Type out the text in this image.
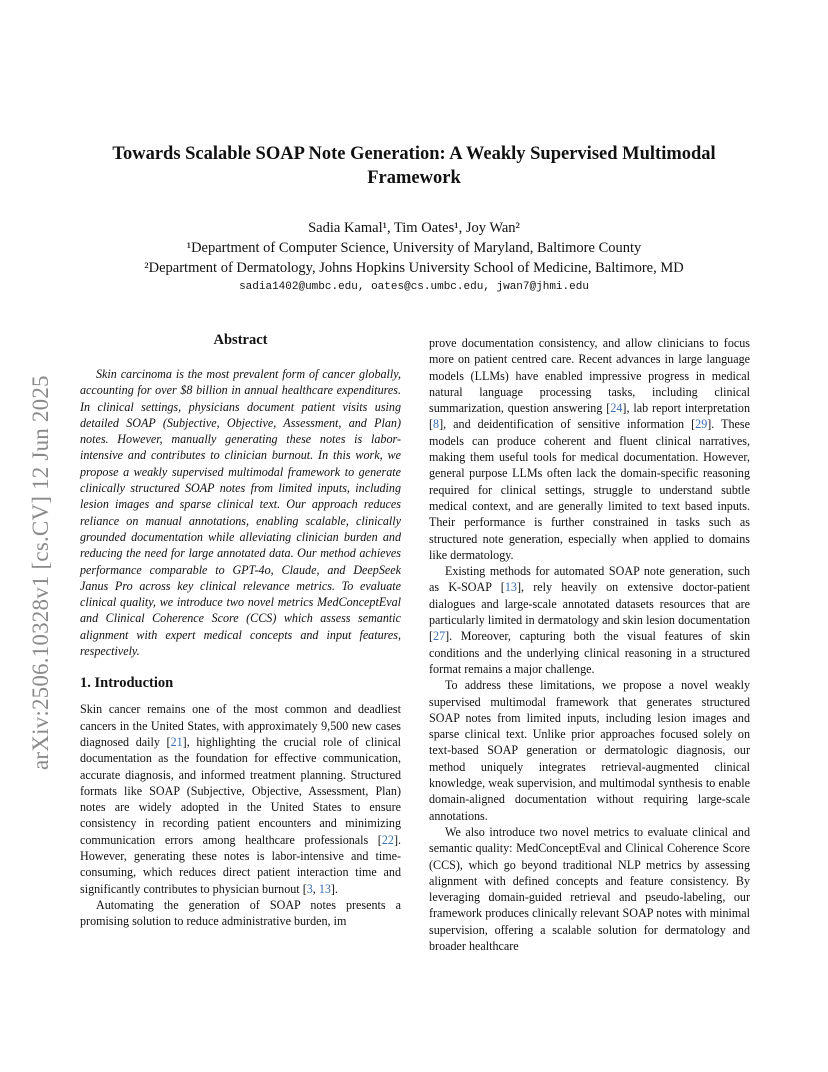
arXiv:2506.10328v1 [cs.CV] 12 Jun 2025
Towards Scalable SOAP Note Generation: A Weakly Supervised Multimodal Framework
Sadia Kamal¹, Tim Oates¹, Joy Wan²
¹Department of Computer Science, University of Maryland, Baltimore County
²Department of Dermatology, Johns Hopkins University School of Medicine, Baltimore, MD
sadia1402@umbc.edu, oates@cs.umbc.edu, jwan7@jhmi.edu
Abstract

Skin carcinoma is the most prevalent form of cancer globally, accounting for over $8 billion in annual healthcare expenditures. In clinical settings, physicians document patient visits using detailed SOAP (Subjective, Objective, Assessment, and Plan) notes. However, manually generating these notes is labor-intensive and contributes to clinician burnout. In this work, we propose a weakly supervised multimodal framework to generate clinically structured SOAP notes from limited inputs, including lesion images and sparse clinical text. Our approach reduces reliance on manual annotations, enabling scalable, clinically grounded documentation while alleviating clinician burden and reducing the need for large annotated data. Our method achieves performance comparable to GPT-4o, Claude, and DeepSeek Janus Pro across key clinical relevance metrics. To evaluate clinical quality, we introduce two novel metrics MedConceptEval and Clinical Coherence Score (CCS) which assess semantic alignment with expert medical concepts and input features, respectively.

1. Introduction

Skin cancer remains one of the most common and deadliest cancers in the United States, with approximately 9,500 new cases diagnosed daily [21], highlighting the crucial role of clinical documentation as the foundation for effective communication, accurate diagnosis, and informed treatment planning. Structured formats like SOAP (Subjective, Objective, Assessment, Plan) notes are widely adopted in the United States to ensure consistency in recording patient encounters and minimizing communication errors among healthcare professionals [22]. However, generating these notes is labor-intensive and time-consuming, which reduces direct patient interaction time and significantly contributes to physician burnout [3, 13].

Automating the generation of SOAP notes presents a promising solution to reduce administrative burden, im

prove documentation consistency, and allow clinicians to focus more on patient centred care. Recent advances in large language models (LLMs) have enabled impressive progress in medical natural language processing tasks, including clinical summarization, question answering [24], lab report interpretation [8], and deidentification of sensitive information [29]. These models can produce coherent and fluent clinical narratives, making them useful tools for medical documentation. However, general purpose LLMs often lack the domain-specific reasoning required for clinical settings, struggle to understand subtle medical context, and are generally limited to text based inputs. Their performance is further constrained in tasks such as structured note generation, especially when applied to domains like dermatology.

Existing methods for automated SOAP note generation, such as K-SOAP [13], rely heavily on extensive doctor-patient dialogues and large-scale annotated datasets resources that are particularly limited in dermatology and skin lesion documentation [27]. Moreover, capturing both the visual features of skin conditions and the underlying clinical reasoning in a structured format remains a major challenge.

To address these limitations, we propose a novel weakly supervised multimodal framework that generates structured SOAP notes from limited inputs, including lesion images and sparse clinical text. Unlike prior approaches focused solely on text-based SOAP generation or dermatologic diagnosis, our method uniquely integrates retrieval-augmented clinical knowledge, weak supervision, and multimodal synthesis to enable domain-aligned documentation without requiring large-scale annotations.

We also introduce two novel metrics to evaluate clinical and semantic quality: MedConceptEval and Clinical Coherence Score (CCS), which go beyond traditional NLP metrics by assessing alignment with defined concepts and feature consistency. By leveraging domain-guided retrieval and pseudo-labeling, our framework produces clinically relevant SOAP notes with minimal supervision, offering a scalable solution for dermatology and broader healthcare
